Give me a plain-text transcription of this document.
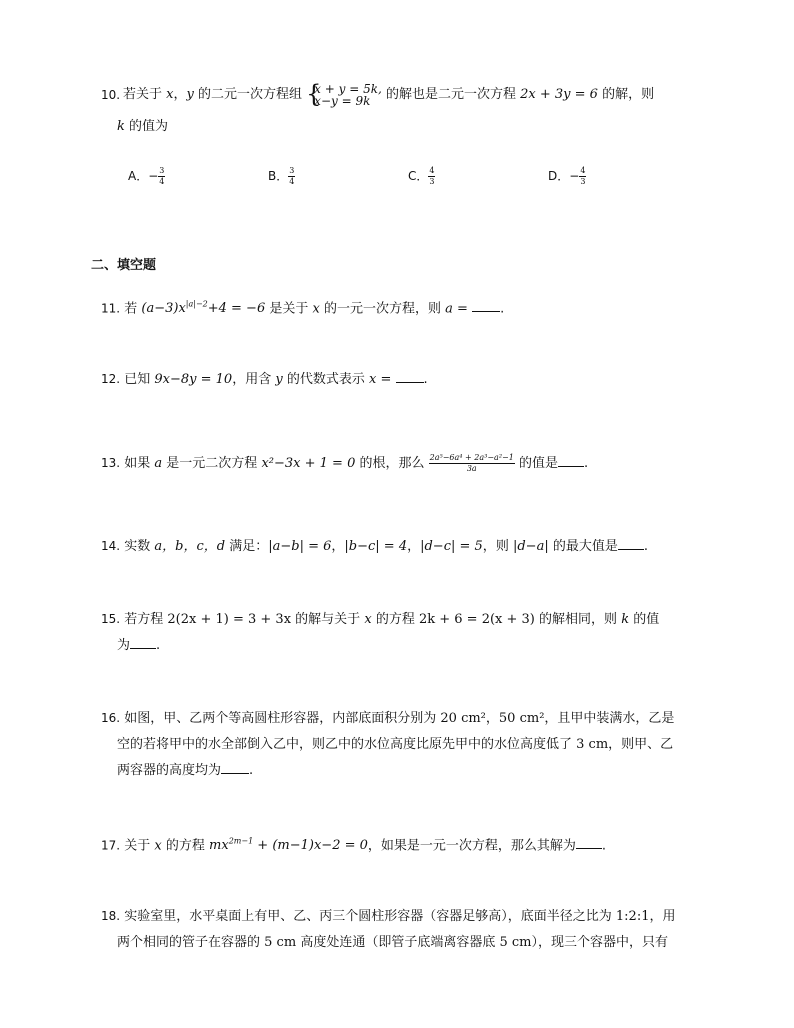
10. 若关于 x，y 的二元一次方程组 {
x + y = 5k,
x−y = 9k	的解也是二元一次方程 2x + 3y = 6 的解，则
k 的值为
A．− $\frac{3}{4}$	B． $\frac{3}{4}$	C． $\frac{4}{3}$	D．− $\frac{4}{3}$
二、填空题
11. 若 $(a-3)x^{|a|-2}+4 = -6$ 是关于 x 的一元一次方程，则 a = .
12. 已知 9x−8y = 10，用含 y 的代数式表示 x = .
13. 如果 a 是一元二次方程 x²−3x + 1 = 0 的根，那么 $\frac{\text{2a⁵−6a⁴ + 2a³−a²−1}}{3a}$ 的值是 .
14. 实数 a，b，c，d 满足：|a−b| = 6，|b−c| = 4，|d−c| = 5，则 |d−a| 的最大值是 .
15. 若方程 2(2x + 1) = 3 + 3x 的解与关于 x 的方程 2k + 6 = 2(x + 3) 的解相同，则 k 的值
为 .
16. 如图，甲、乙两个等高圆柱形容器，内部底面积分别为 20 cm²，50 cm²，且甲中装满水，乙是
空的若将甲中的水全部倒入乙中，则乙中的水位高度比原先甲中的水位高度低了 3 cm，则甲、乙
两容器的高度均为 .
17. 关于 x 的方程 $mx^{2m-1} + (m-1)x-2 = 0$，如果是一元一次方程，那么其解为 .
18. 实验室里，水平桌面上有甲、乙、丙三个圆柱形容器（容器足够高），底面半径之比为 1:2:1，用
两个相同的管子在容器的 5 cm 高度处连通（即管子底端离容器底 5 cm），现三个容器中，只有
